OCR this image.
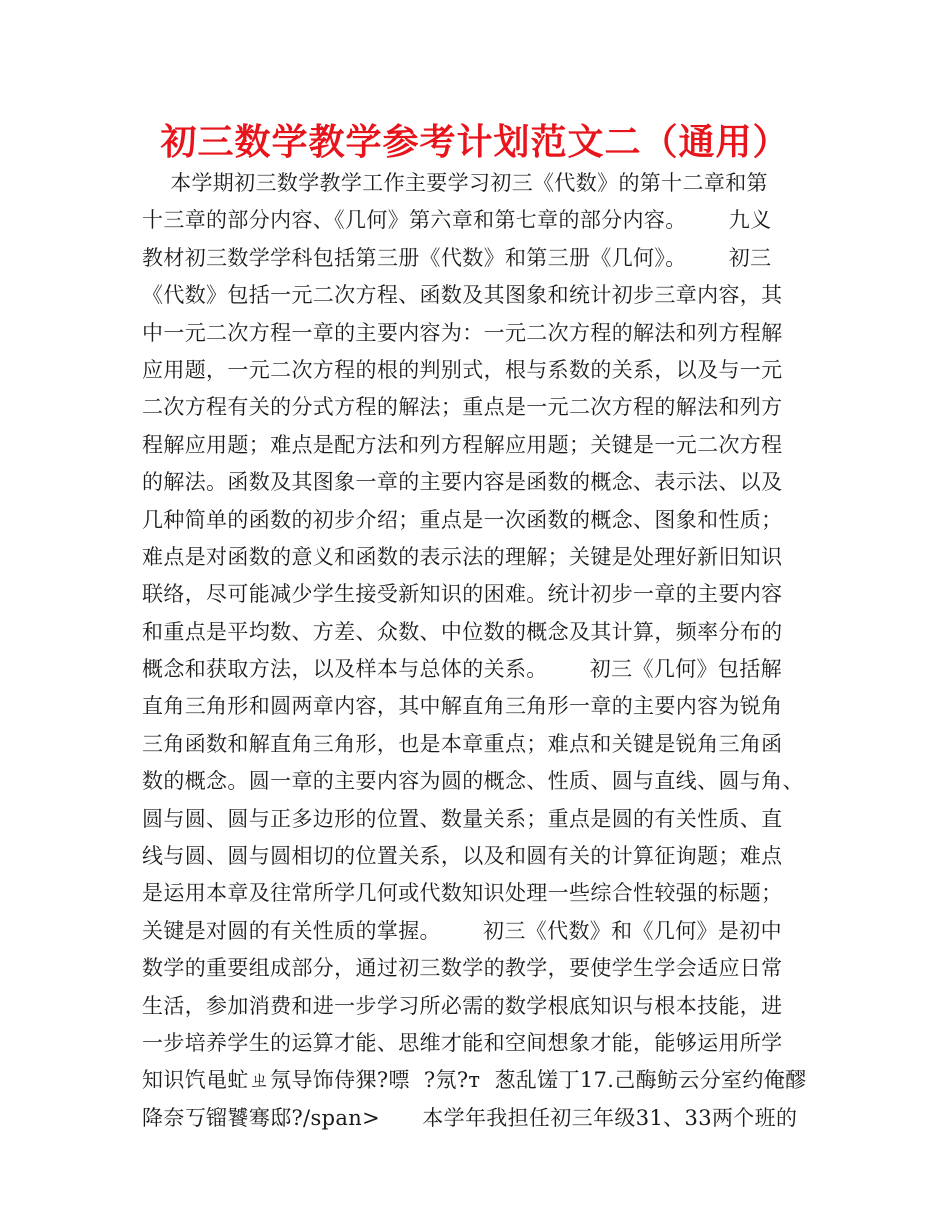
初三数学教学参考计划范文二（通用）
本学期初三数学教学工作主要学习初三《代数》的第十二章和第
十三章的部分内容、《几何》第六章和第七章的部分内容。      九义
教材初三数学学科包括第三册《代数》和第三册《几何》。      初三
《代数》包括一元二次方程、函数及其图象和统计初步三章内容，其
中一元二次方程一章的主要内容为：一元二次方程的解法和列方程解
应用题，一元二次方程的根的判别式，根与系数的关系，以及与一元
二次方程有关的分式方程的解法；重点是一元二次方程的解法和列方
程解应用题；难点是配方法和列方程解应用题；关键是一元二次方程
的解法。函数及其图象一章的主要内容是函数的概念、表示法、以及
几种简单的函数的初步介绍；重点是一次函数的概念、图象和性质；
难点是对函数的意义和函数的表示法的理解；关键是处理好新旧知识
联络，尽可能减少学生接受新知识的困难。统计初步一章的主要内容
和重点是平均数、方差、众数、中位数的概念及其计算，频率分布的
概念和获取方法，以及样本与总体的关系。      初三《几何》包括解
直角三角形和圆两章内容，其中解直角三角形一章的主要内容为锐角
三角函数和解直角三角形，也是本章重点；难点和关键是锐角三角函
数的概念。圆一章的主要内容为圆的概念、性质、圆与直线、圆与角、
圆与圆、圆与正多边形的位置、数量关系；重点是圆的有关性质、直
线与圆、圆与圆相切的位置关系，以及和圆有关的计算征询题；难点
是运用本章及往常所学几何或代数知识处理一些综合性较强的标题；
关键是对圆的有关性质的掌握。      初三《代数》和《几何》是初中
数学的重要组成部分，通过初三数学的教学，要使学生学会适应日常
生活，参加消费和进一步学习所必需的数学根底知识与根本技能，进
一步培养学生的运算才能、思维才能和空间想象才能，能够运用所学
知识饩黾虻ㄓ氖导饰侍猓?嘌  ?氖?т  葱乱馐丁17.己酶鲂云分室约俺醪
降奈丂镏饕骞邸?/span>      本学年我担任初三年级31、33两个班的
